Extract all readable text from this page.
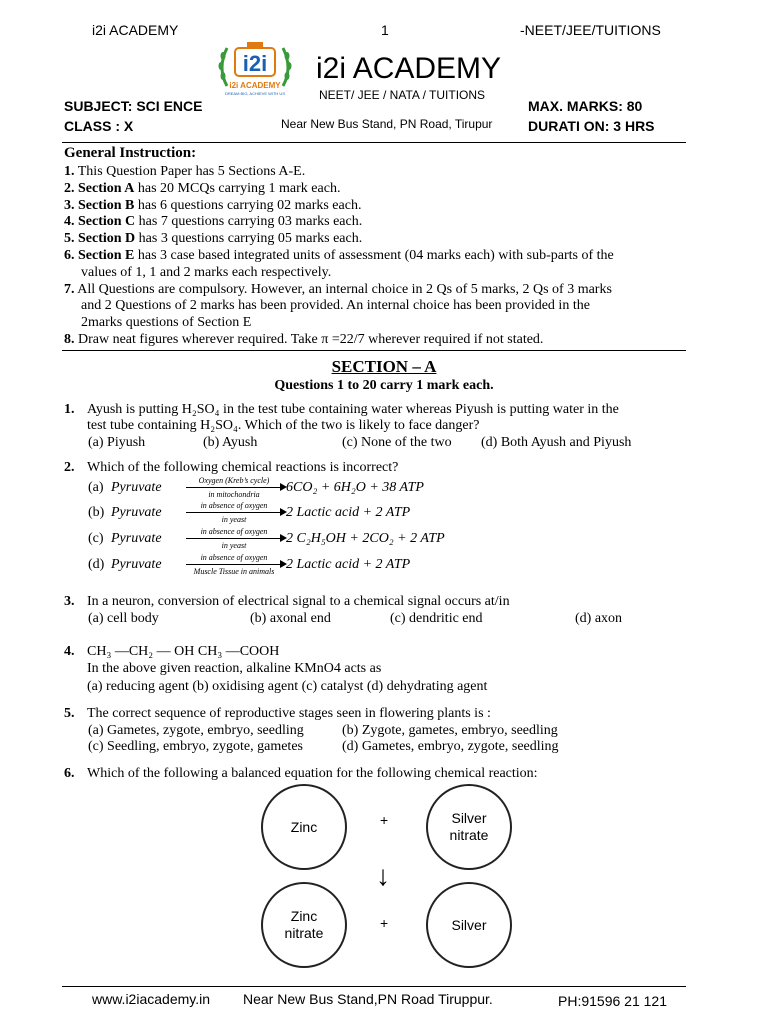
i2i ACADEMY	1	-NEET/JEE/TUITIONS
i2i
i2i ACADEMY
DREAM BIG, ACHIEVE WITH US
i2i ACADEMY
NEET/ JEE / NATA / TUITIONS
Near New Bus Stand, PN Road, Tirupur
SUBJECT: SCI ENCE
CLASS : X
MAX. MARKS: 80
DURATI ON: 3 HRS
General Instruction:
1. This Question Paper has 5 Sections A-E.
2. Section A has 20 MCQs carrying 1 mark each.
3. Section B has 6 questions carrying 02 marks each.
4. Section C has 7 questions carrying 03 marks each.
5. Section D has 3 questions carrying 05 marks each.
6. Section E has 3 case based integrated units of assessment (04 marks each) with sub-parts of the
values of 1, 1 and 2 marks each respectively.
7. All Questions are compulsory. However, an internal choice in 2 Qs of 5 marks, 2 Qs of 3 marks
and 2 Questions of 2 marks has been provided. An internal choice has been provided in the
2marks questions of Section E
8. Draw neat figures wherever required. Take π =22/7 wherever required if not stated.
SECTION – A
Questions 1 to 20 carry 1 mark each.
1. Ayush is putting H₂SO₄ in the test tube containing water whereas Piyush is putting water in the
test tube containing H₂SO₄. Which of the two is likely to face danger?
(a) Piyush	(b) Ayush	(c) None of the two (d) Both Ayush and Piyush
2. Which of the following chemical reactions is incorrect?
(a) Pyruvate	Oxygen (Kreb’s cycle)
in mitochondria	6CO₂ + 6H₂O + 38 ATP
(b) Pyruvate	in absence of oxygen
in yeast	2 Lactic acid + 2 ATP
(c) Pyruvate	in absence of oxygen
in yeast	2 C₂H₅OH + 2CO₂ + 2 ATP
(d) Pyruvate	in absence of oxygen
Muscle Tissue in animals 2 Lactic acid + 2 ATP
3. In a neuron, conversion of electrical signal to a chemical signal occurs at/in
(a) cell body	(b) axonal end	(c) dendritic end	(d) axon
4. CH₃ —CH₂ — OH CH₃ —COOH
In the above given reaction, alkaline KMnO4 acts as
(a) reducing agent (b) oxidising agent (c) catalyst (d) dehydrating agent
5. The correct sequence of reproductive stages seen in flowering plants is :
(a) Gametes, zygote, embryo, seedling	(b) Zygote, gametes, embryo, seedling
(c) Seedling, embryo, zygote, gametes	(d) Gametes, embryo, zygote, seedling
6. Which of the following a balanced equation for the following chemical reaction:
Zinc	+	Silver
nitrate
↓
Zinc
nitrate
+	Silver
www.i2iacademy.in Near New Bus Stand,PN Road Tiruppur.	PH:91596 21 121
